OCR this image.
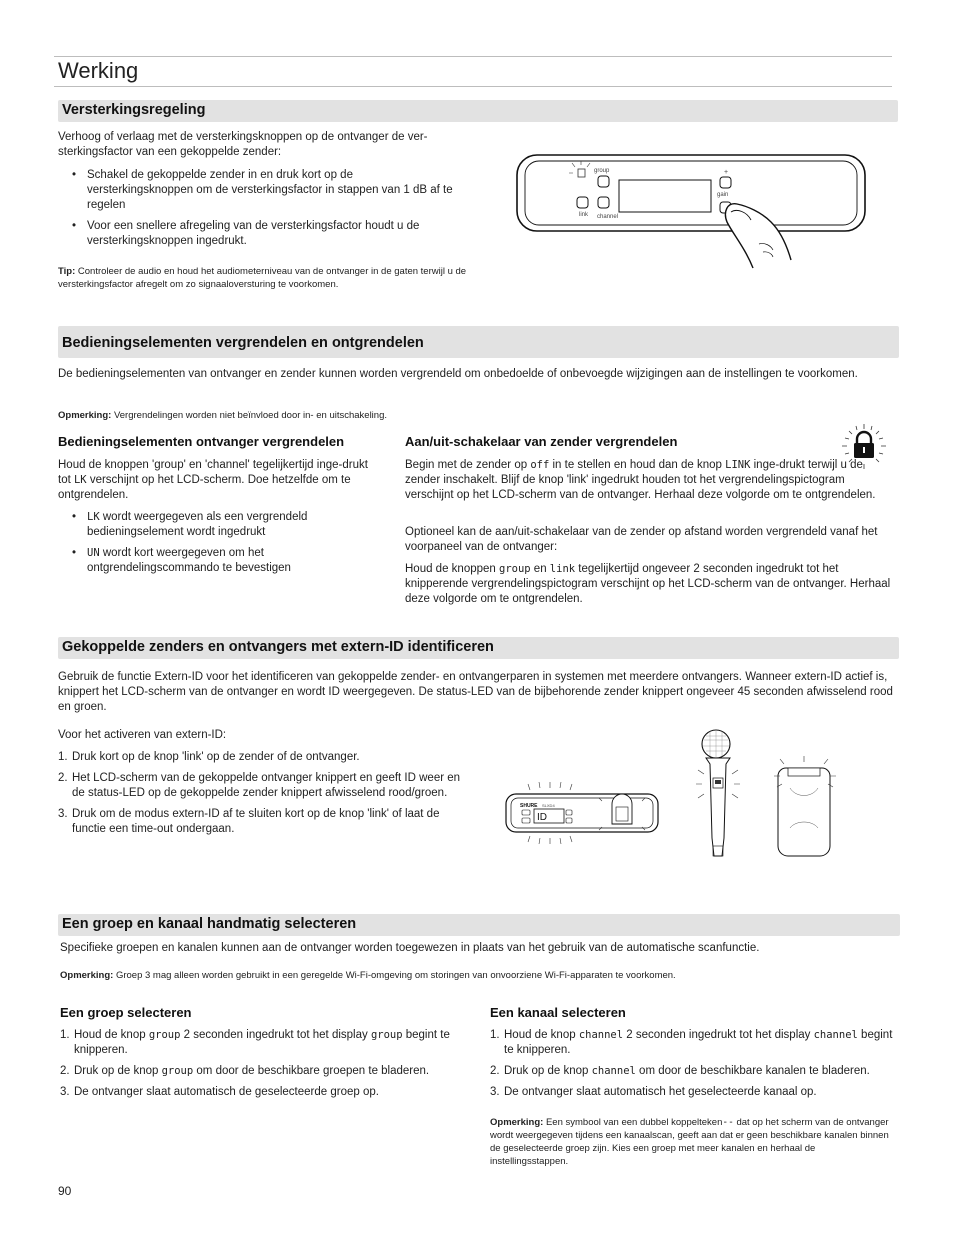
Werking
Versterkingsregeling
Verhoog of verlaag met de versterkingsknoppen op de ontvanger de ver-
sterkingsfactor van een gekoppelde zender:
• Schakel de gekoppelde zender in en druk kort op de versterkingsknoppen om de versterkingsfactor in stappen van 1 dB af te regelen
• Voor een snellere afregeling van de versterkingsfactor houdt u de versterkingsknoppen ingedrukt.
Tip: Controleer de audio en houd het audiometerniveau van de ontvanger in de gaten terwijl u de versterkingsfactor afregelt om zo signaaloversturing te voorkomen.
group
link channel
+
gain
Bedieningselementen vergrendelen en ontgrendelen
De bedieningselementen van ontvanger en zender kunnen worden vergrendeld om onbedoelde of onbevoegde wijzigingen aan de instellingen te voorkomen.
Opmerking: Vergrendelingen worden niet beïnvloed door in- en uitschakeling.
Bedieningselementen ontvanger vergrendelen
Houd de knoppen 'group' en 'channel' tegelijkertijd inge-drukt tot LK verschijnt op het LCD-scherm. Doe hetzelfde om te ontgrendelen.
• LK wordt weergegeven als een vergrendeld bedieningselement wordt ingedrukt
• UN wordt kort weergegeven om het ontgrendelingscommando te bevestigen
Aan/uit-schakelaar van zender vergrendelen
Begin met de zender op off in te stellen en houd dan de knop LINK inge-drukt terwijl u de zender inschakelt. Blijf de knop 'link' ingedrukt houden tot het vergrendelingspictogram verschijnt op het LCD-scherm van de ontvanger. Herhaal deze volgorde om te ontgrendelen.
Optioneel kan de aan/uit-schakelaar van de zender op afstand worden vergrendeld vanaf het voorpaneel van de ontvanger:
Houd de knoppen group en link tegelijkertijd ongeveer 2 seconden ingedrukt tot het knipperende vergrendelingspictogram verschijnt op het LCD-scherm van de ontvanger. Herhaal deze volgorde om te ontgrendelen.
Gekoppelde zenders en ontvangers met extern-ID identificeren
Gebruik de functie Extern-ID voor het identificeren van gekoppelde zender- en ontvangerparen in systemen met meerdere ontvangers. Wanneer extern-ID actief is, knippert het LCD-scherm van de ontvanger en wordt ID weergegeven. De status-LED van de bijbehorende zender knippert ongeveer 45 seconden afwisselend rood en groen.
Voor het activeren van extern-ID:
1. Druk kort op de knop 'link' op de zender of de ontvanger.
2. Het LCD-scherm van de gekoppelde ontvanger knippert en geeft ID weer en de status-LED op de gekoppelde zender knippert afwisselend rood/groen.
3. Druk om de modus extern-ID af te sluiten kort op de knop 'link' of laat de functie een time-out ondergaan.
SHURE SLXD4
ID
Een groep en kanaal handmatig selecteren
Specifieke groepen en kanalen kunnen aan de ontvanger worden toegewezen in plaats van het gebruik van de automatische scanfunctie.
Opmerking: Groep 3 mag alleen worden gebruikt in een geregelde Wi-Fi-omgeving om storingen van onvoorziene Wi-Fi-apparaten te voorkomen.
Een groep selecteren
1. Houd de knop group 2 seconden ingedrukt tot het display group begint te knipperen.
2. Druk op de knop group om door de beschikbare groepen te bladeren.
3. De ontvanger slaat automatisch de geselecteerde groep op.
Een kanaal selecteren
1. Houd de knop channel 2 seconden ingedrukt tot het display channel begint te knipperen.
2. Druk op de knop channel om door de beschikbare kanalen te bladeren.
3. De ontvanger slaat automatisch het geselecteerde kanaal op.
Opmerking: Een symbool van een dubbel koppelteken-- dat op het scherm van de ontvanger wordt weergegeven tijdens een kanaalscan, geeft aan dat er geen beschikbare kanalen binnen de geselecteerde groep zijn. Kies een groep met meer kanalen en herhaal de instellingsstappen.
90
